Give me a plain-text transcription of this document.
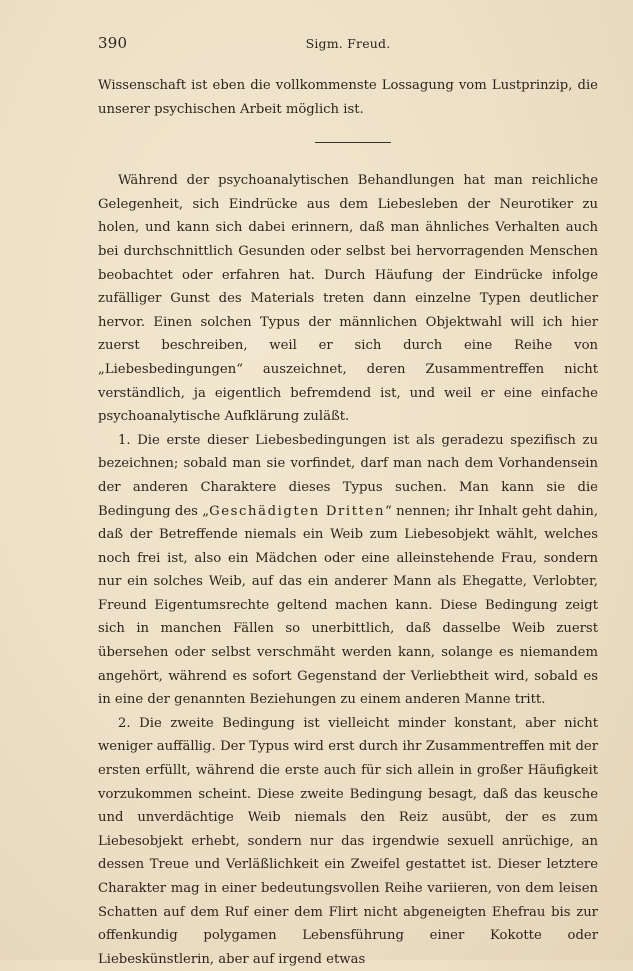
390	Sigm. Freud.

Wissenschaft ist eben die vollkommenste Lossagung vom Lustprinzip, die unserer psychischen Arbeit möglich ist.

Während der psychoanalytischen Behandlungen hat man reichliche Gelegenheit, sich Eindrücke aus dem Liebesleben der Neurotiker zu holen, und kann sich dabei erinnern, daß man ähnliches Verhalten auch bei durchschnittlich Gesunden oder selbst bei hervorragenden Menschen beobachtet oder erfahren hat. Durch Häufung der Eindrücke infolge zufälliger Gunst des Materials treten dann einzelne Typen deutlicher hervor. Einen solchen Typus der männlichen Objektwahl will ich hier zuerst beschreiben, weil er sich durch eine Reihe von „Liebesbedingungen“ auszeichnet, deren Zusammentreffen nicht verständlich, ja eigentlich befremdend ist, und weil er eine einfache psychoanalytische Aufklärung zuläßt.

1. Die erste dieser Liebesbedingungen ist als geradezu spezifisch zu bezeichnen; sobald man sie vorfindet, darf man nach dem Vorhandensein der anderen Charaktere dieses Typus suchen. Man kann sie die Bedingung des „Geschädigten Dritten“ nennen; ihr Inhalt geht dahin, daß der Betreffende niemals ein Weib zum Liebesobjekt wählt, welches noch frei ist, also ein Mädchen oder eine alleinstehende Frau, sondern nur ein solches Weib, auf das ein anderer Mann als Ehegatte, Verlobter, Freund Eigentumsrechte geltend machen kann. Diese Bedingung zeigt sich in manchen Fällen so unerbittlich, daß dasselbe Weib zuerst übersehen oder selbst verschmäht werden kann, solange es niemandem angehört, während es sofort Gegenstand der Verliebtheit wird, sobald es in eine der genannten Beziehungen zu einem anderen Manne tritt.

2. Die zweite Bedingung ist vielleicht minder konstant, aber nicht weniger auffällig. Der Typus wird erst durch ihr Zusammentreffen mit der ersten erfüllt, während die erste auch für sich allein in großer Häufigkeit vorzukommen scheint. Diese zweite Bedingung besagt, daß das keusche und unverdächtige Weib niemals den Reiz ausübt, der es zum Liebesobjekt erhebt, sondern nur das irgendwie sexuell anrüchige, an dessen Treue und Verläßlichkeit ein Zweifel gestattet ist. Dieser letztere Charakter mag in einer bedeutungsvollen Reihe variieren, von dem leisen Schatten auf dem Ruf einer dem Flirt nicht abgeneigten Ehefrau bis zur offenkundig polygamen Lebensführung einer Kokotte oder Liebeskünstlerin, aber auf irgend etwas
